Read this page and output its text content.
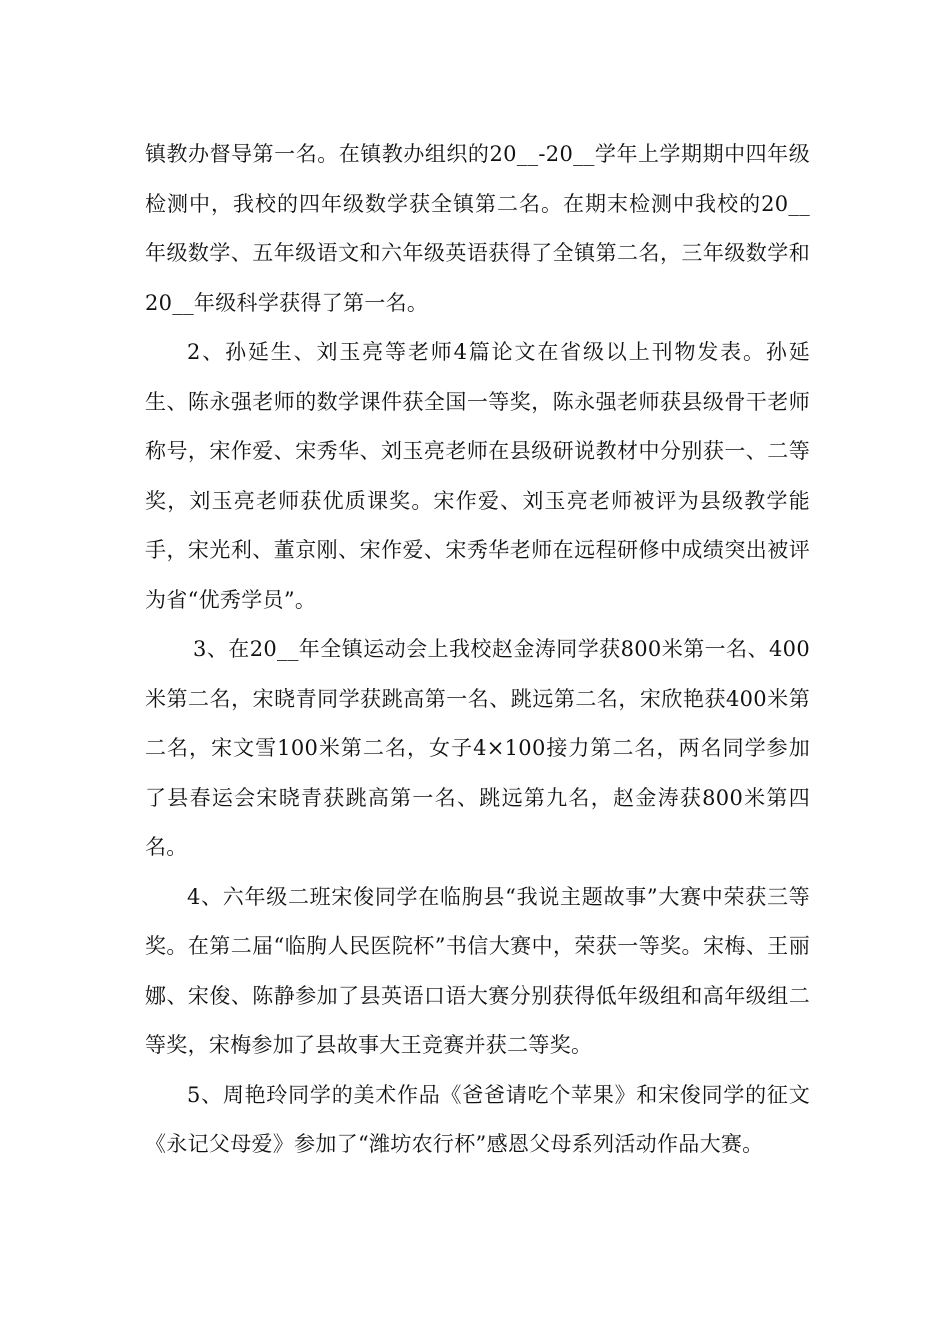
镇教办督导第一名。在镇教办组织的20__-20__学年上学期期中四年级检测中，我校的四年级数学获全镇第二名。在期末检测中我校的20__年级数学、五年级语文和六年级英语获得了全镇第二名，三年级数学和20__年级科学获得了第一名。

2、孙延生、刘玉亮等老师4篇论文在省级以上刊物发表。孙延生、陈永强老师的数学课件获全国一等奖，陈永强老师获县级骨干老师称号，宋作爱、宋秀华、刘玉亮老师在县级研说教材中分别获一、二等奖，刘玉亮老师获优质课奖。宋作爱、刘玉亮老师被评为县级教学能手，宋光利、董京刚、宋作爱、宋秀华老师在远程研修中成绩突出被评为省“优秀学员”。

3、在20__年全镇运动会上我校赵金涛同学获800米第一名、400米第二名，宋晓青同学获跳高第一名、跳远第二名，宋欣艳获400米第二名，宋文雪100米第二名，女子4×100接力第二名，两名同学参加了县春运会宋晓青获跳高第一名、跳远第九名，赵金涛获800米第四名。

4、六年级二班宋俊同学在临朐县“我说主题故事”大赛中荣获三等奖。在第二届“临朐人民医院杯”书信大赛中，荣获一等奖。宋梅、王丽娜、宋俊、陈静参加了县英语口语大赛分别获得低年级组和高年级组二等奖，宋梅参加了县故事大王竞赛并获二等奖。

5、周艳玲同学的美术作品《爸爸请吃个苹果》和宋俊同学的征文《永记父母爱》参加了“潍坊农行杯”感恩父母系列活动作品大赛。
